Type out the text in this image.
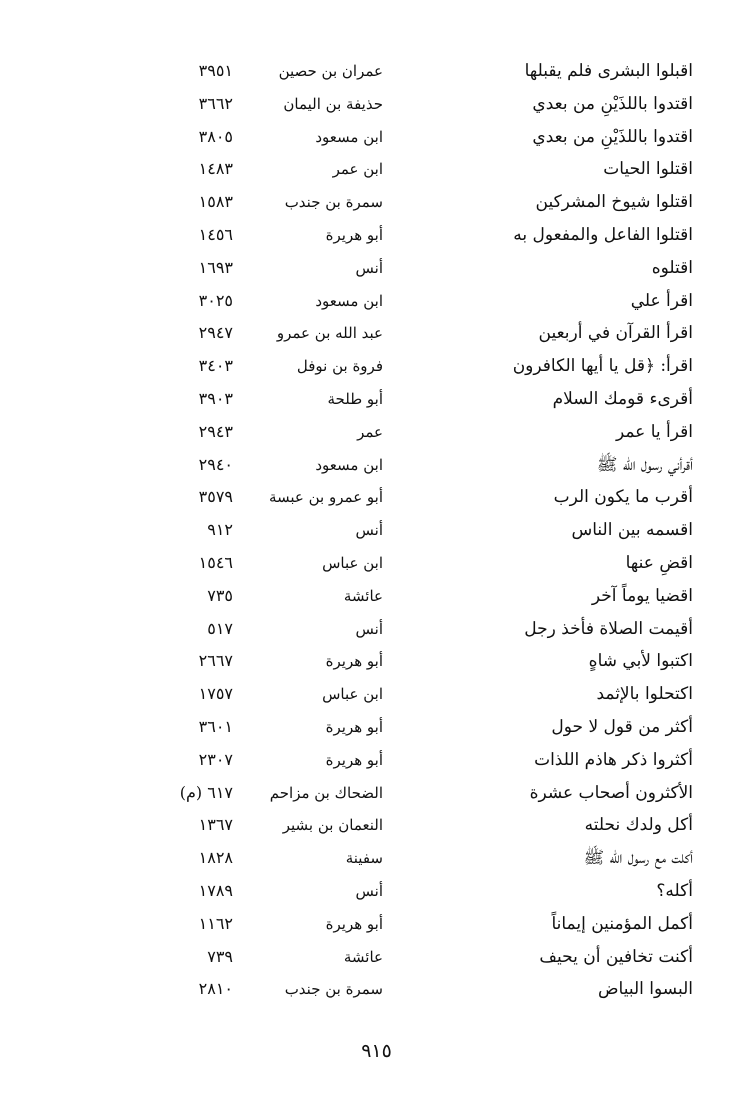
اقبلوا البشرى فلم يقبلها
عمران بن حصين
٣٩٥١
اقتدوا باللذَيْنِ من بعدي
حذيفة بن اليمان
٣٦٦٢
اقتدوا باللذَيْنِ من بعدي
ابن مسعود
٣٨٠٥
اقتلوا الحيات
ابن عمر
١٤٨٣
اقتلوا شيوخ المشركين
سمرة بن جندب
١٥٨٣
اقتلوا الفاعل والمفعول به
أبو هريرة
١٤٥٦
اقتلوه
أنس
١٦٩٣
اقرأ علي
ابن مسعود
٣٠٢٥
اقرأ القرآن في أربعين
عبد الله بن عمرو
٢٩٤٧
اقرأ: ﴿قل يا أيها الكافرون
فروة بن نوفل
٣٤٠٣
أقرىء قومك السلام
أبو طلحة
٣٩٠٣
اقرأ يا عمر
عمر
٢٩٤٣
أقرأني رسول الله ﷺ
ابن مسعود
٢٩٤٠
أقرب ما يكون الرب
أبو عمرو بن عبسة
٣٥٧٩
اقسمه بين الناس
أنس
٩١٢
اقضِ عنها
ابن عباس
١٥٤٦
اقضيا يوماً آخر
عائشة
٧٣٥
أقيمت الصلاة فأخذ رجل
أنس
٥١٧
اكتبوا لأبي شاهٍ
أبو هريرة
٢٦٦٧
اكتحلوا بالإثمد
ابن عباس
١٧٥٧
أكثر من قول لا حول
أبو هريرة
٣٦٠١
أكثروا ذكر هاذم اللذات
أبو هريرة
٢٣٠٧
الأكثرون أصحاب عشرة
الضحاك بن مزاحم
٦١٧ (م)
أكل ولدك نحلته
النعمان بن بشير
١٣٦٧
أكلت مع رسول الله ﷺ
سفينة
١٨٢٨
أكله؟
أنس
١٧٨٩
أكمل المؤمنين إيماناً
أبو هريرة
١١٦٢
أكنت تخافين أن يحيف
عائشة
٧٣٩
البسوا البياض
سمرة بن جندب
٢٨١٠
٩١٥
